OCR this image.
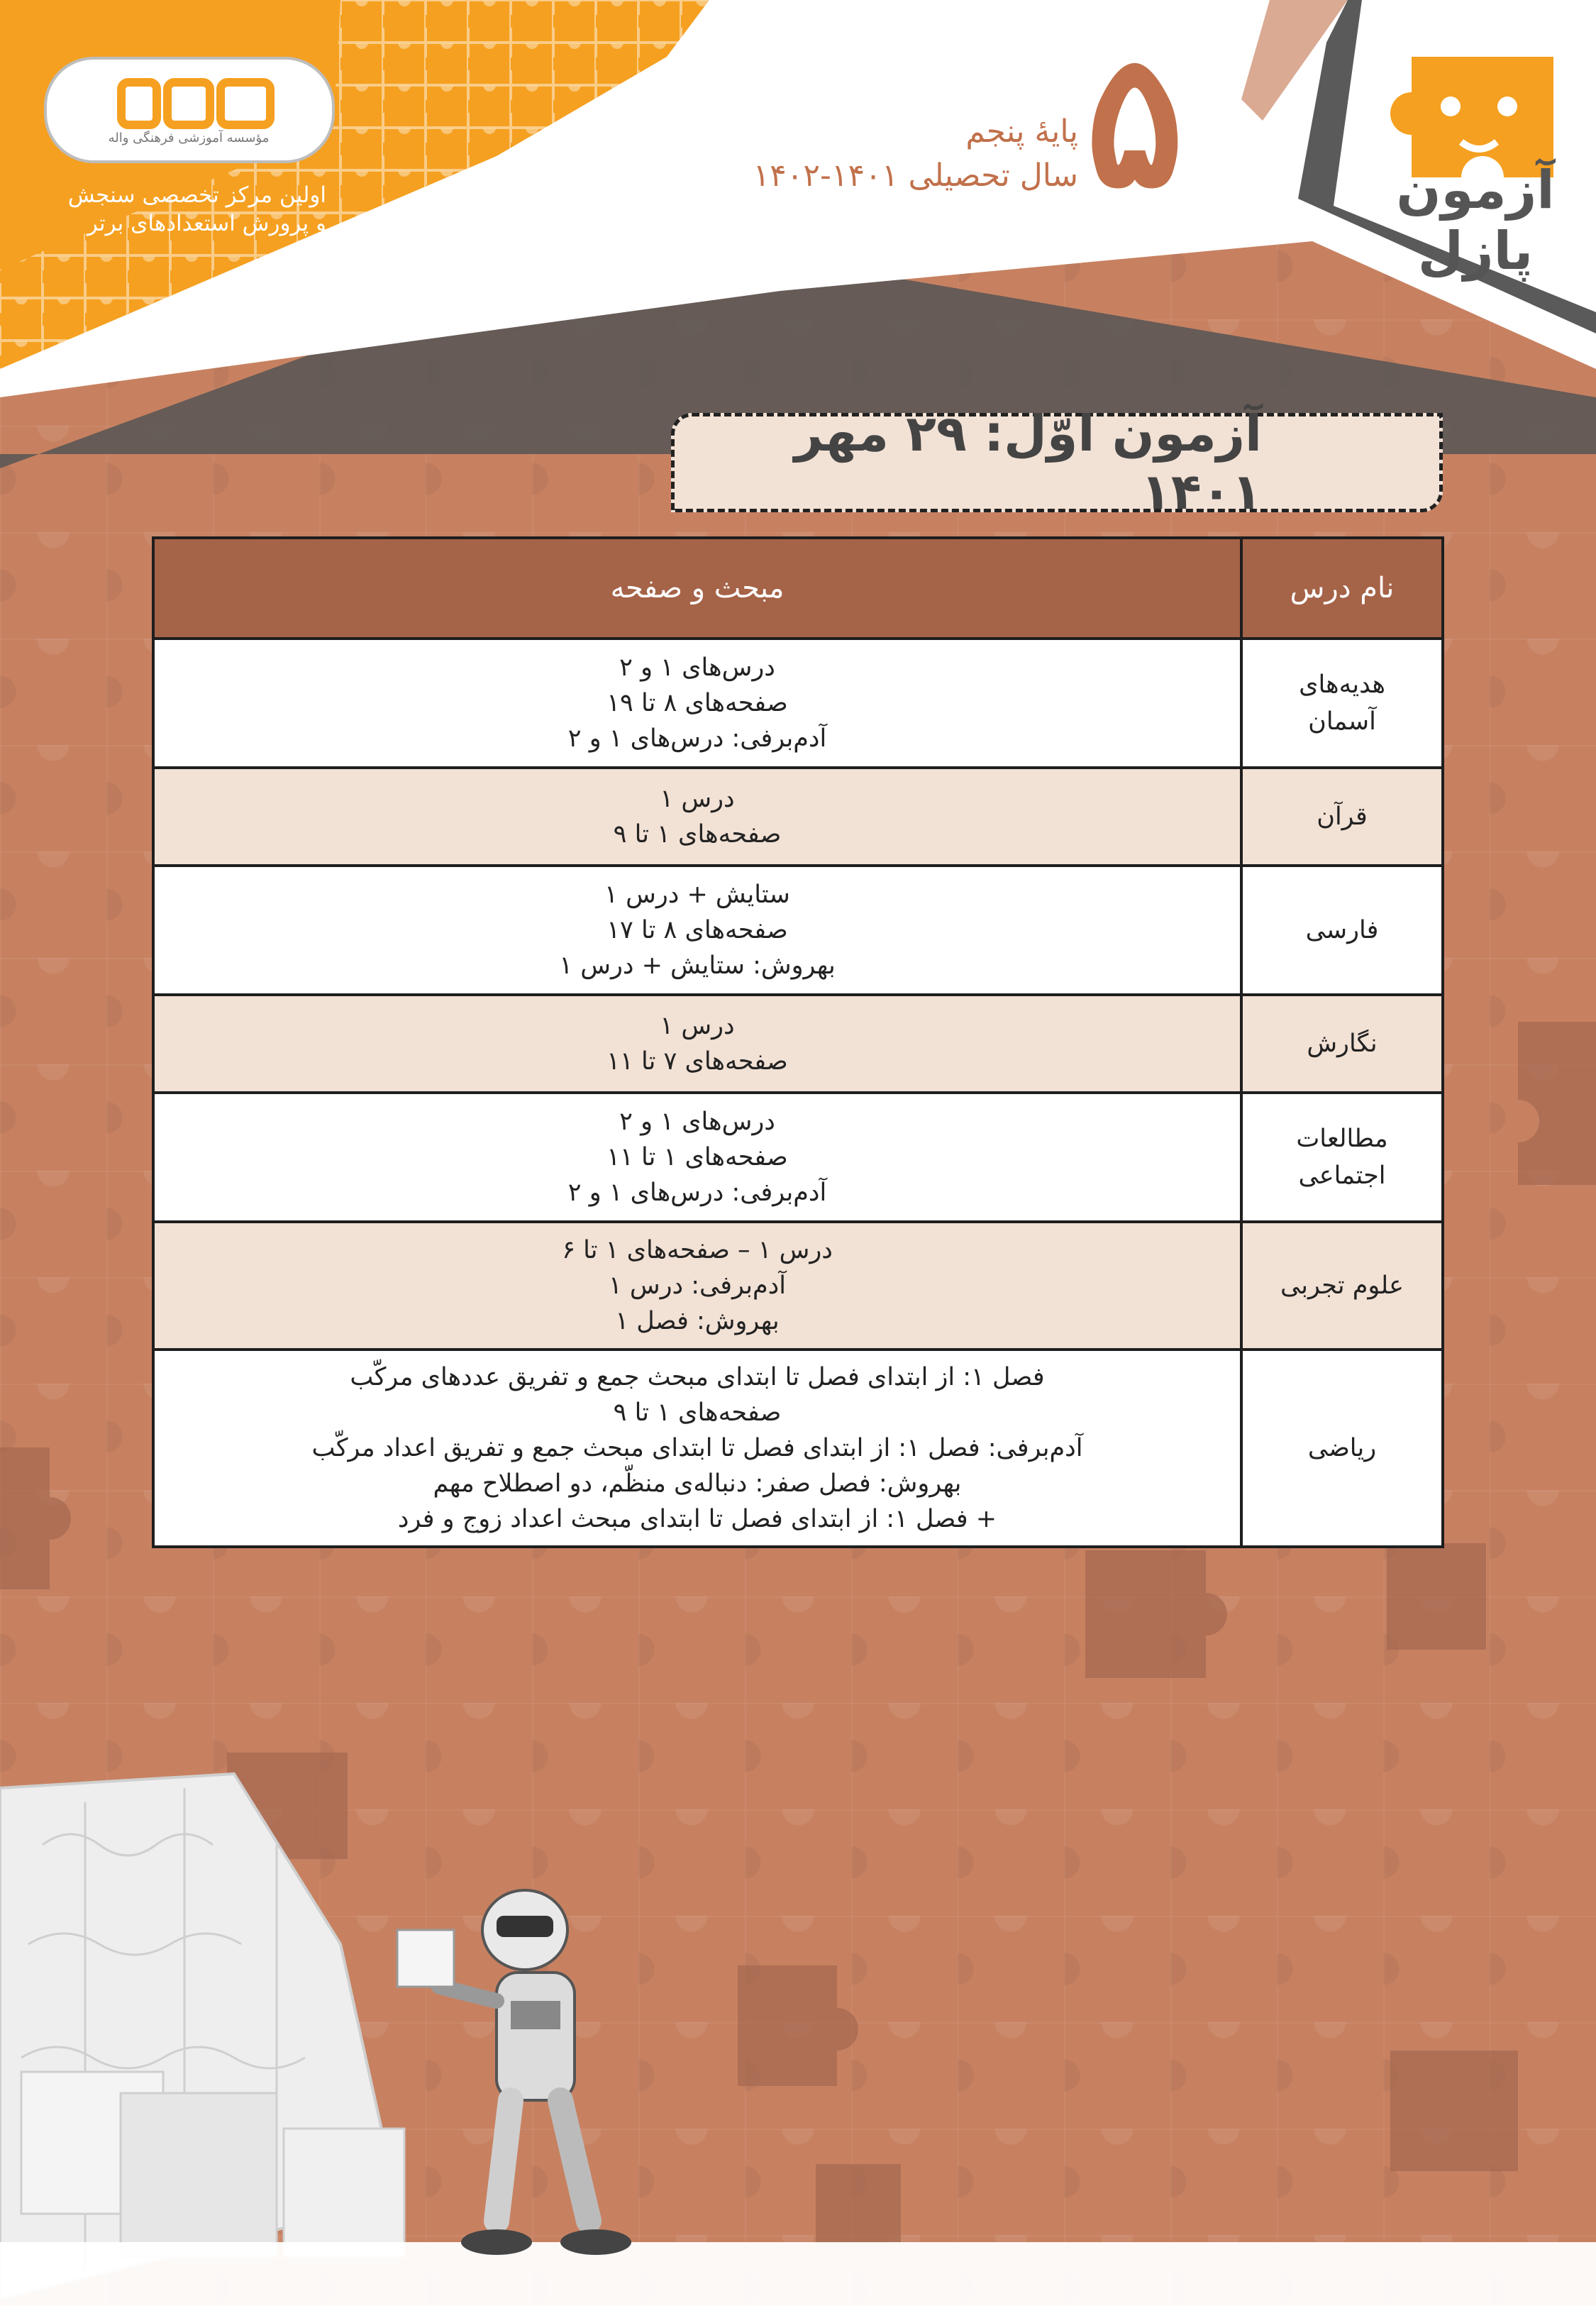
آزمون پازل
۵
پایهٔ پنجم
سال تحصیلی ۱۴۰۱-۱۴۰۲
مؤسسه آموزشی فرهنگی واله
اولین مرکز تخصصی سنجش
و پرورش استعدادهای برتر
آزمون اوّل: ۲۹ مهر ۱۴۰۱
نام درس	مبحث و صفحه

هدیه‌های
آسمان	درس‌های ۱ و ۲
صفحه‌های ۸ تا ۱۹
آدم‌برفی: درس‌های ۱ و ۲

قرآن	درس ۱
صفحه‌های ۱ تا ۹

فارسی	ستایش + درس ۱
صفحه‌های ۸ تا ۱۷
بهروش: ستایش + درس ۱

نگارش	درس ۱
صفحه‌های ۷ تا ۱۱

مطالعات
اجتماعی	درس‌های ۱ و ۲
صفحه‌های ۱ تا ۱۱
آدم‌برفی: درس‌های ۱ و ۲

علوم تجربی	درس ۱ – صفحه‌های ۱ تا ۶
آدم‌برفی: درس ۱
بهروش: فصل ۱

ریاضی	فصل ۱: از ابتدای فصل تا ابتدای مبحث جمع و تفریق عددهای مرکّب
صفحه‌های ۱ تا ۹
آدم‌برفی: فصل ۱: از ابتدای فصل تا ابتدای مبحث جمع و تفریق اعداد مرکّب
بهروش: فصل صفر: دنباله‌ی منظّم، دو اصطلاح مهم
+ فصل ۱: از ابتدای فصل تا ابتدای مبحث اعداد زوج و فرد
